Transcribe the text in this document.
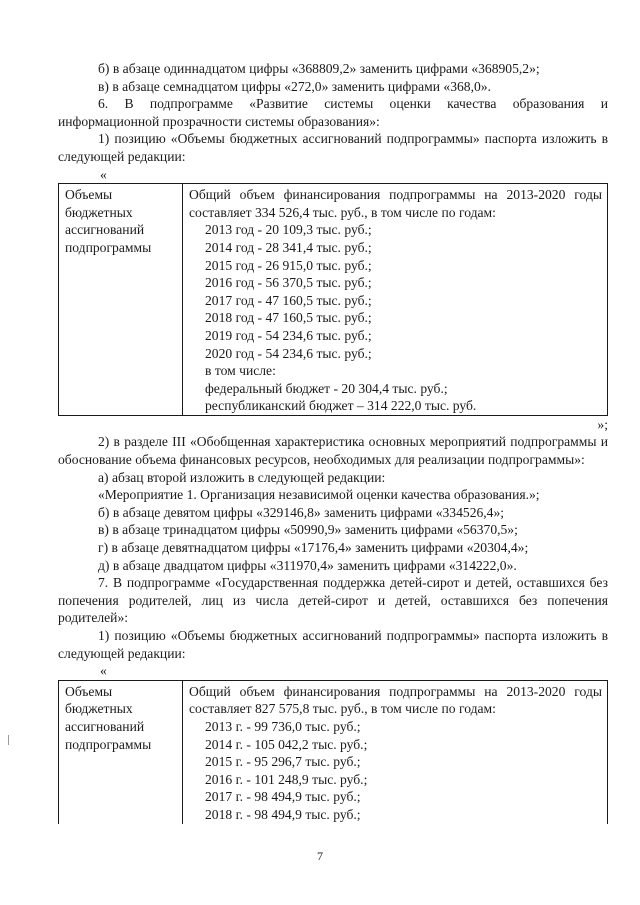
б) в абзаце одиннадцатом цифры «368809,2» заменить цифрами «368905,2»;
в) в абзаце семнадцатом цифры «272,0» заменить цифрами «368,0».
6. В подпрограмме «Развитие системы оценки качества образования и информационной прозрачности системы образования»:
1) позицию «Объемы бюджетных ассигнований подпрограммы» паспорта изложить в следующей редакции:
«
Объемы
бюджетных
ассигнований
подпрограммы

Общий объем финансирования подпрограммы на 2013-2020 годы составляет 334 526,4 тыс. руб., в том числе по годам:
2013 год - 20 109,3 тыс. руб.;
2014 год - 28 341,4 тыс. руб.;
2015 год - 26 915,0 тыс. руб.;
2016 год - 56 370,5 тыс. руб.;
2017 год - 47 160,5 тыс. руб.;
2018 год - 47 160,5 тыс. руб.;
2019 год - 54 234,6 тыс. руб.;
2020 год - 54 234,6 тыс. руб.;
в том числе:
федеральный бюджет - 20 304,4 тыс. руб.;
республиканский бюджет – 314 222,0 тыс. руб.
»;
2) в разделе III «Обобщенная характеристика основных мероприятий подпрограммы и обоснование объема финансовых ресурсов, необходимых для реализации подпрограммы»:
а) абзац второй изложить в следующей редакции:
«Мероприятие 1. Организация независимой оценки качества образования.»;
б) в абзаце девятом цифры «329146,8» заменить цифрами «334526,4»;
в) в абзаце тринадцатом цифры «50990,9» заменить цифрами «56370,5»;
г) в абзаце девятнадцатом цифры «17176,4» заменить цифрами «20304,4»;
д) в абзаце двадцатом цифры «311970,4» заменить цифрами «314222,0».
7. В подпрограмме «Государственная поддержка детей-сирот и детей, оставшихся без попечения родителей, лиц из числа детей-сирот и детей, оставшихся без попечения родителей»:
1) позицию «Объемы бюджетных ассигнований подпрограммы» паспорта изложить в следующей редакции:
«
Объемы
бюджетных
ассигнований
подпрограммы

Общий объем финансирования подпрограммы на 2013-2020 годы составляет 827 575,8 тыс. руб., в том числе по годам:
2013 г. - 99 736,0 тыс. руб.;
2014 г. - 105 042,2 тыс. руб.;
2015 г. - 95 296,7 тыс. руб.;
2016 г. - 101 248,9 тыс. руб.;
2017 г. - 98 494,9 тыс. руб.;
2018 г. - 98 494,9 тыс. руб.;
7
